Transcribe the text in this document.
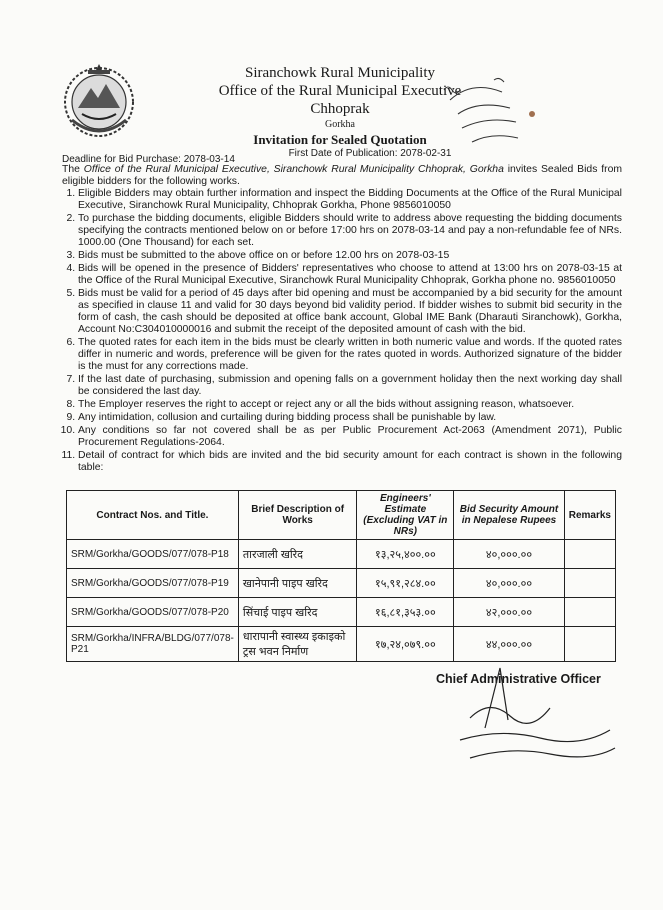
Siranchowk Rural Municipality
Office of the Rural Municipal Executive
Chhoprak
Gorkha
Invitation for Sealed Quotation
First Date of Publication: 2078-02-31
Deadline for Bid Purchase: 2078-03-14

The Office of the Rural Municipal Executive, Siranchowk Rural Municipality Chhoprak, Gorkha invites Sealed Bids from eligible bidders for the following works.

1. Eligible Bidders may obtain further information and inspect the Bidding Documents at the Office of the Rural Municipal Executive, Siranchowk Rural Municipality, Chhoprak Gorkha, Phone 9856010050
2. To purchase the bidding documents, eligible Bidders should write to address above requesting the bidding documents specifying the contracts mentioned below on or before 17:00 hrs on 2078-03-14 and pay a non-refundable fee of NRs. 1000.00 (One Thousand) for each set.
3. Bids must be submitted to the above office on or before 12.00 hrs on 2078-03-15
4. Bids will be opened in the presence of Bidders' representatives who choose to attend at 13:00 hrs on 2078-03-15 at the Office of the Rural Municipal Executive, Siranchowk Rural Municipality Chhoprak, Gorkha phone no. 9856010050
5. Bids must be valid for a period of 45 days after bid opening and must be accompanied by a bid security for the amount as specified in clause 11 and valid for 30 days beyond bid validity period. If bidder wishes to submit bid security in the form of cash, the cash should be deposited at office bank account, Global IME Bank (Dharauti Siranchowk), Gorkha, Account No:C304010000016 and submit the receipt of the deposited amount of cash with the bid.
6. The quoted rates for each item in the bids must be clearly written in both numeric value and words. If the quoted rates differ in numeric and words, preference will be given for the rates quoted in words. Authorized signature of the bidder is the must for any corrections made.
7. If the last date of purchasing, submission and opening falls on a government holiday then the next working day shall be considered the last day.
8. The Employer reserves the right to accept or reject any or all the bids without assigning reason, whatsoever.
9. Any intimidation, collusion and curtailing during bidding process shall be punishable by law.
10. Any conditions so far not covered shall be as per Public Procurement Act-2063 (Amendment 2071), Public Procurement Regulations-2064.
11. Detail of contract for which bids are invited and the bid security amount for each contract is shown in the following table:
Contract Nos. and Title.	Brief Description of Works	Engineers' Estimate (Excluding VAT in NRs)	Bid Security Amount in Nepalese Rupees	Remarks
SRM/Gorkha/GOODS/077/078-P18	तारजाली खरिद	१३,२५,४००.००	४०,०००.००	
SRM/Gorkha/GOODS/077/078-P19	खानेपानी पाइप खरिद	१५,९१,२८४.००	४०,०००.००	
SRM/Gorkha/GOODS/077/078-P20	सिंचाई पाइप खरिद	१६,८१,३५३.००	४२,०००.००	
SRM/Gorkha/INFRA/BLDG/077/078-P21	धारापानी स्वास्थ्य इकाइको ट्रस भवन निर्माण	१७,२४,०७९.००	४४,०००.००	
Chief Administrative Officer
